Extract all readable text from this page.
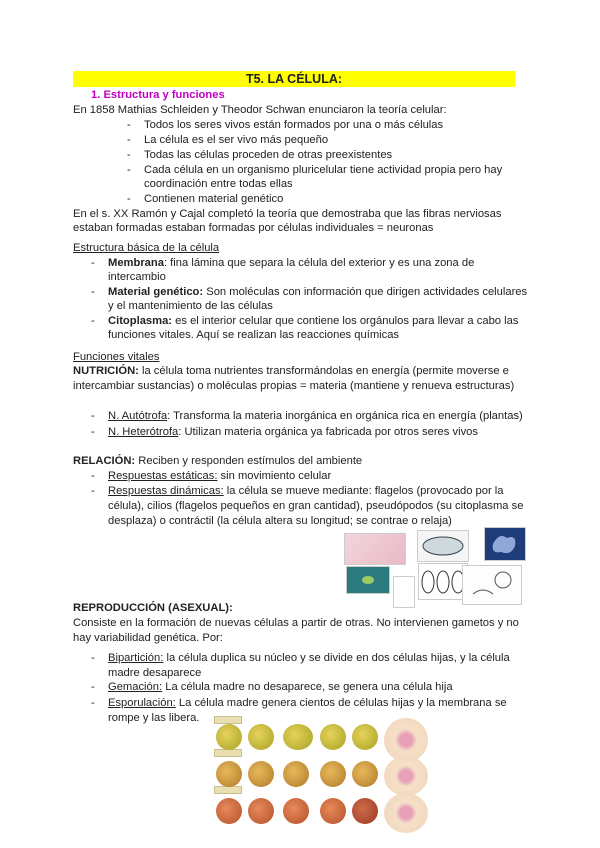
T5. LA CÉLULA:
1. Estructura y funciones
En 1858 Mathias Schleiden y Theodor Schwan enunciaron la teoría celular:
- Todos los seres vivos están formados por una o más células
- La célula es el ser vivo más pequeño
- Todas las células proceden de otras preexistentes
- Cada célula en un organismo pluricelular tiene actividad propia pero hay
coordinación entre todas ellas
- Contienen material genético
En el s. XX Ramón y Cajal completó la teoría que demostraba que las fibras nerviosas
estaban formadas estaban formadas por células individuales = neuronas
Estructura básica de la célula
- Membrana: fina lámina que separa la célula del exterior y es una zona de
intercambio
- Material genético: Son moléculas con información que dirigen actividades celulares
y el mantenimiento de las células
- Citoplasma: es el interior celular que contiene los orgánulos para llevar a cabo las
funciones vitales. Aquí se realizan las reacciones químicas
Funciones vitales
NUTRICIÓN: la célula toma nutrientes transformándolas en energía (permite moverse e
intercambiar sustancias) o moléculas propias = materia (mantiene y renueva estructuras)
- N. Autótrofa: Transforma la materia inorgánica en orgánica rica en energía (plantas)
- N. Heterótrofa: Utilizan materia orgánica ya fabricada por otros seres vivos
RELACIÓN: Reciben y responden estímulos del ambiente
- Respuestas estáticas: sin movimiento celular
- Respuestas dinámicas: la célula se mueve mediante: flagelos (provocado por la
célula), cilios (flagelos pequeños en gran cantidad), pseudópodos (su citoplasma se
desplaza) o contráctil (la célula altera su longitud; se contrae o relaja)
REPRODUCCIÓN (ASEXUAL):
Consiste en la formación de nuevas células a partir de otras. No intervienen gametos y no
hay variabilidad genética. Por:
- Bipartición: la célula duplica su núcleo y se divide en dos células hijas, y la célula
madre desaparece
- Gemación: La célula madre no desaparece, se genera una célula hija
- Esporulación: La célula madre genera cientos de células hijas y la membrana se
rompe y las libera.
